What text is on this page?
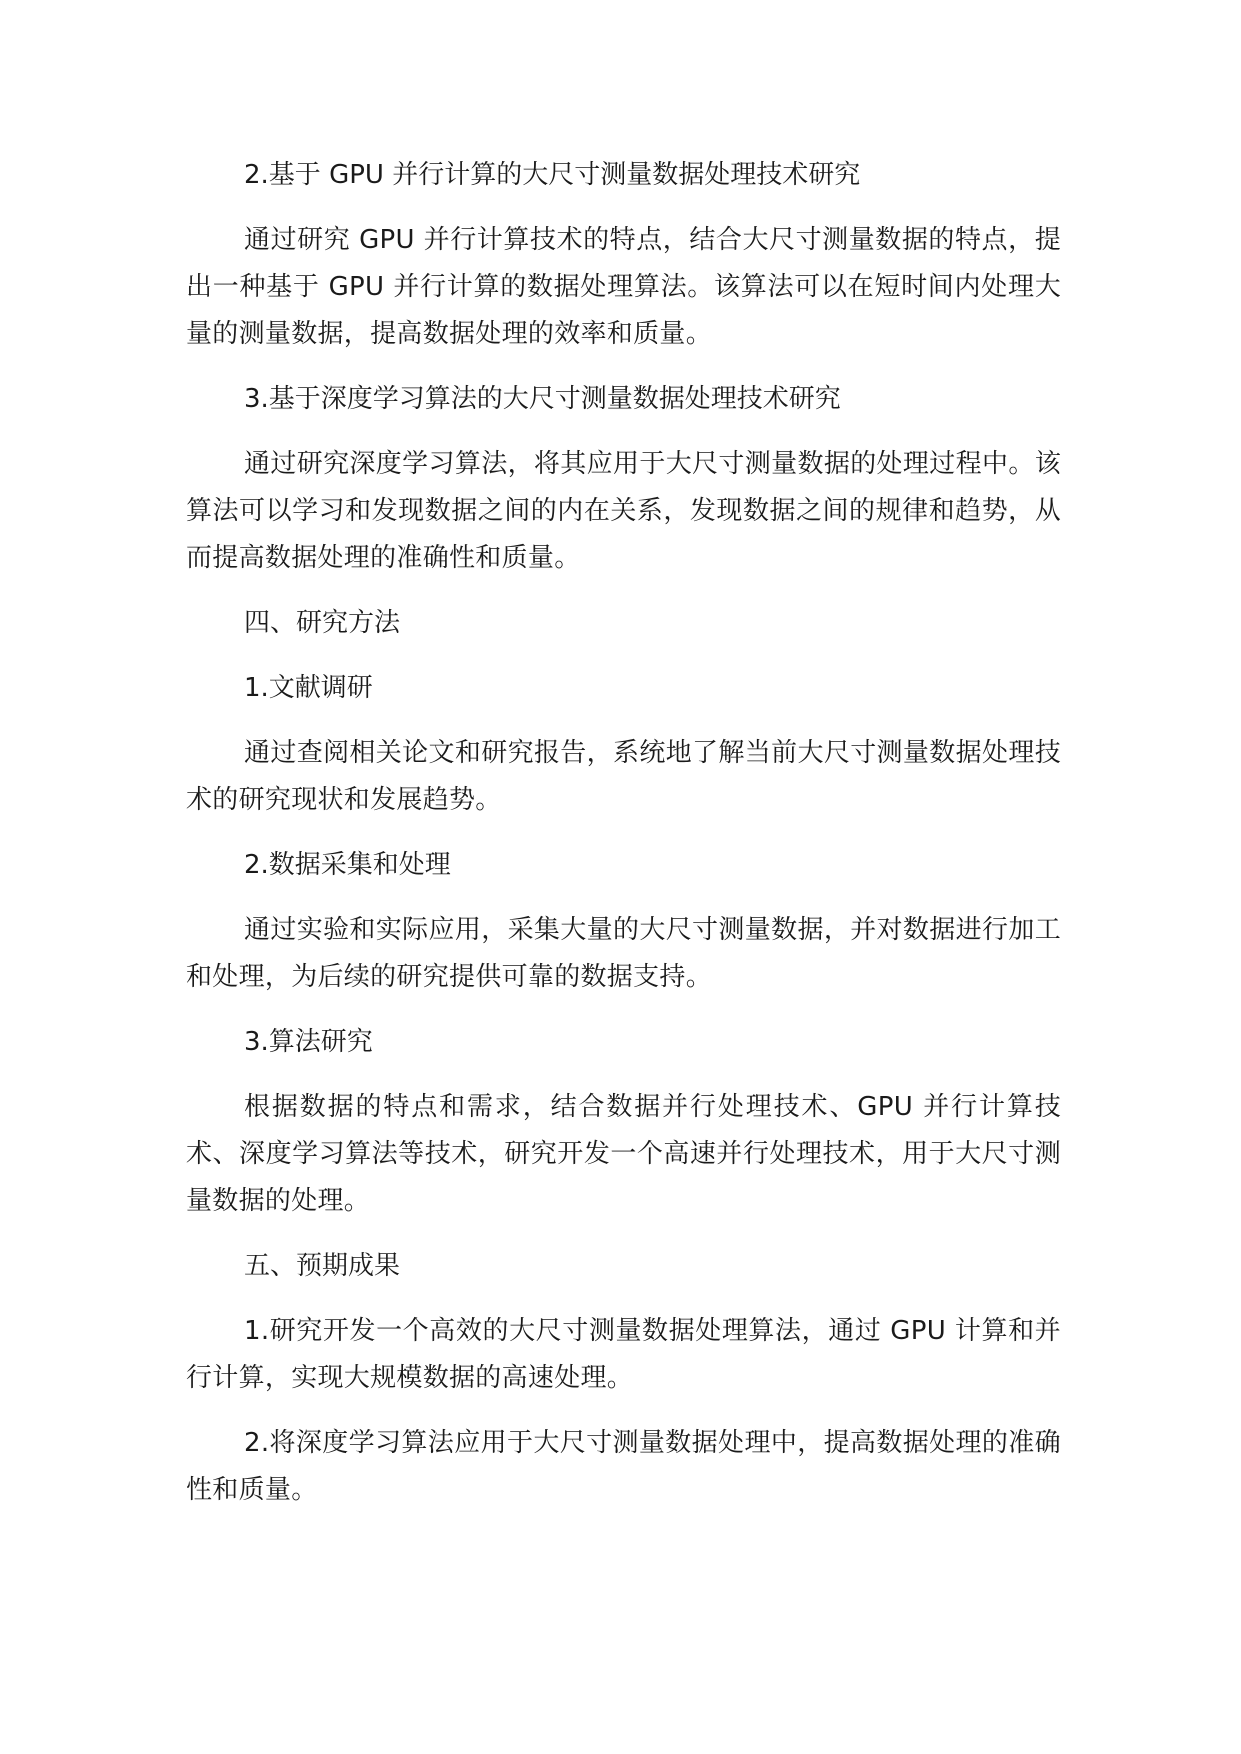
2.基于 GPU 并行计算的大尺寸测量数据处理技术研究

通过研究 GPU 并行计算技术的特点，结合大尺寸测量数据的特点，提出一种基于 GPU 并行计算的数据处理算法。该算法可以在短时间内处理大量的测量数据，提高数据处理的效率和质量。

3.基于深度学习算法的大尺寸测量数据处理技术研究

通过研究深度学习算法，将其应用于大尺寸测量数据的处理过程中。该算法可以学习和发现数据之间的内在关系，发现数据之间的规律和趋势，从而提高数据处理的准确性和质量。

四、研究方法

1.文献调研

通过查阅相关论文和研究报告，系统地了解当前大尺寸测量数据处理技术的研究现状和发展趋势。

2.数据采集和处理

通过实验和实际应用，采集大量的大尺寸测量数据，并对数据进行加工和处理，为后续的研究提供可靠的数据支持。

3.算法研究

根据数据的特点和需求，结合数据并行处理技术、GPU 并行计算技术、深度学习算法等技术，研究开发一个高速并行处理技术，用于大尺寸测量数据的处理。

五、预期成果

1.研究开发一个高效的大尺寸测量数据处理算法，通过 GPU 计算和并行计算，实现大规模数据的高速处理。

2.将深度学习算法应用于大尺寸测量数据处理中，提高数据处理的准确性和质量。
